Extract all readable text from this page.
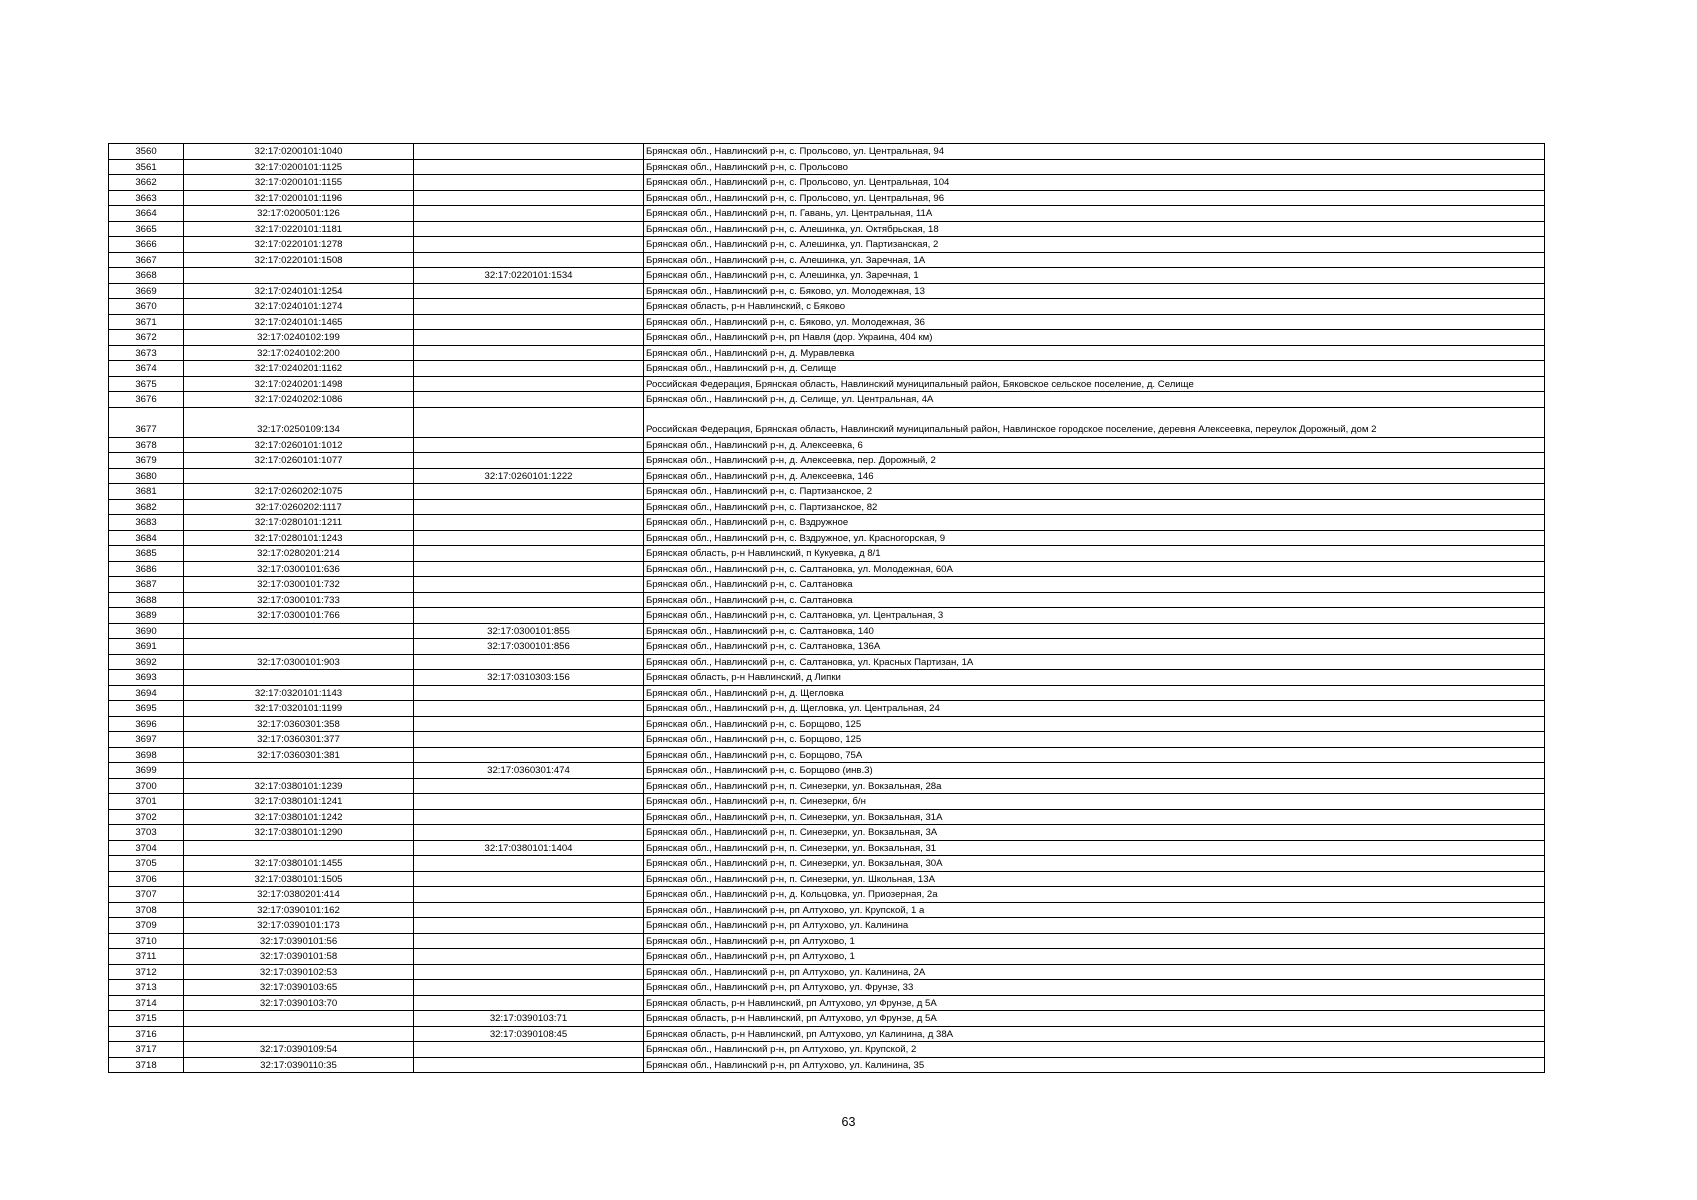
3560	32:17:0200101:1040		Брянская обл., Навлинский р-н, с. Прольсово, ул. Центральная, 94
3561	32:17:0200101:1125		Брянская обл., Навлинский р-н, с. Прольсово
3662	32:17:0200101:1155		Брянская обл., Навлинский р-н, с. Прольсово, ул. Центральная, 104
3663	32:17:0200101:1196		Брянская обл., Навлинский р-н, с. Прольсово, ул. Центральная, 96
3664	32:17:0200501:126		Брянская обл., Навлинский р-н, п. Гавань, ул. Центральная, 11А
3665	32:17:0220101:1181		Брянская обл., Навлинский р-н, с. Алешинка, ул. Октябрьская, 18
3666	32:17:0220101:1278		Брянская обл., Навлинский р-н, с. Алешинка, ул. Партизанская, 2
3667	32:17:0220101:1508		Брянская обл., Навлинский р-н, с. Алешинка, ул. Заречная, 1А
3668		32:17:0220101:1534	Брянская обл., Навлинский р-н, с. Алешинка, ул. Заречная, 1
3669	32:17:0240101:1254		Брянская обл., Навлинский р-н, с. Бяково, ул. Молодежная, 13
3670	32:17:0240101:1274		Брянская область, р-н Навлинский, с Бяково
3671	32:17:0240101:1465		Брянская обл., Навлинский р-н, с. Бяково, ул. Молодежная, 36
3672	32:17:0240102:199		Брянская обл., Навлинский р-н, рп Навля (дор. Украина, 404 км)
3673	32:17:0240102:200		Брянская обл., Навлинский р-н, д. Муравлевка
3674	32:17:0240201:1162		Брянская обл., Навлинский р-н, д. Селище
3675	32:17:0240201:1498		Российская Федерация, Брянская область, Навлинский муниципальный район, Бяковское сельское поселение, д. Селище
3676	32:17:0240202:1086		Брянская обл., Навлинский р-н, д. Селище, ул. Центральная, 4А
3677	32:17:0250109:134		Российская Федерация, Брянская область, Навлинский муниципальный район, Навлинское городское поселение, деревня Алексеевка, переулок Дорожный, дом 2
3678	32:17:0260101:1012		Брянская обл., Навлинский р-н, д. Алексеевка, 6
3679	32:17:0260101:1077		Брянская обл., Навлинский р-н, д. Алексеевка, пер. Дорожный, 2
3680		32:17:0260101:1222	Брянская обл., Навлинский р-н, д. Алексеевка, 146
3681	32:17:0260202:1075		Брянская обл., Навлинский р-н, с. Партизанское, 2
3682	32:17:0260202:1117		Брянская обл., Навлинский р-н, с. Партизанское, 82
3683	32:17:0280101:1211		Брянская обл., Навлинский р-н, с. Вздружное
3684	32:17:0280101:1243		Брянская обл., Навлинский р-н, с. Вздружное, ул. Красногорская, 9
3685	32:17:0280201:214		Брянская область, р-н Навлинский, п Кукуевка, д 8/1
3686	32:17:0300101:636		Брянская обл., Навлинский р-н, с. Салтановка, ул. Молодежная, 60А
3687	32:17:0300101:732		Брянская обл., Навлинский р-н, с. Салтановка
3688	32:17:0300101:733		Брянская обл., Навлинский р-н, с. Салтановка
3689	32:17:0300101:766		Брянская обл., Навлинский р-н, с. Салтановка, ул. Центральная, 3
3690		32:17:0300101:855	Брянская обл., Навлинский р-н, с. Салтановка, 140
3691		32:17:0300101:856	Брянская обл., Навлинский р-н, с. Салтановка, 136А
3692	32:17:0300101:903		Брянская обл., Навлинский р-н, с. Салтановка, ул. Красных Партизан, 1А
3693		32:17:0310303:156	Брянская область, р-н Навлинский, д Липки
3694	32:17:0320101:1143		Брянская обл., Навлинский р-н, д. Щегловка
3695	32:17:0320101:1199		Брянская обл., Навлинский р-н, д. Щегловка, ул. Центральная, 24
3696	32:17:0360301:358		Брянская обл., Навлинский р-н, с. Борщово, 125
3697	32:17:0360301:377		Брянская обл., Навлинский р-н, с. Борщово, 125
3698	32:17:0360301:381		Брянская обл., Навлинский р-н, с. Борщово, 75А
3699		32:17:0360301:474	Брянская обл., Навлинский р-н, с. Борщово (инв.3)
3700	32:17:0380101:1239		Брянская обл., Навлинский р-н, п. Синезерки, ул. Вокзальная, 28а
3701	32:17:0380101:1241		Брянская обл., Навлинский р-н, п. Синезерки, б/н
3702	32:17:0380101:1242		Брянская обл., Навлинский р-н, п. Синезерки, ул. Вокзальная, 31А
3703	32:17:0380101:1290		Брянская обл., Навлинский р-н, п. Синезерки, ул. Вокзальная, 3А
3704		32:17:0380101:1404	Брянская обл., Навлинский р-н, п. Синезерки, ул. Вокзальная, 31
3705	32:17:0380101:1455		Брянская обл., Навлинский р-н, п. Синезерки, ул. Вокзальная, 30А
3706	32:17:0380101:1505		Брянская обл., Навлинский р-н, п. Синезерки, ул. Школьная, 13А
3707	32:17:0380201:414		Брянская обл., Навлинский р-н, д. Кольцовка, ул. Приозерная, 2а
3708	32:17:0390101:162		Брянская обл., Навлинский р-н, рп Алтухово, ул. Крупской, 1 а
3709	32:17:0390101:173		Брянская обл., Навлинский р-н, рп Алтухово, ул. Калинина
3710	32:17:0390101:56		Брянская обл., Навлинский р-н, рп Алтухово, 1
3711	32:17:0390101:58		Брянская обл., Навлинский р-н, рп Алтухово, 1
3712	32:17:0390102:53		Брянская обл., Навлинский р-н, рп Алтухово, ул. Калинина, 2А
3713	32:17:0390103:65		Брянская обл., Навлинский р-н, рп Алтухово, ул. Фрунзе, 33
3714	32:17:0390103:70		Брянская область, р-н Навлинский, рп Алтухово, ул Фрунзе, д 5А
3715		32:17:0390103:71	Брянская область, р-н Навлинский, рп Алтухово, ул Фрунзе, д 5А
3716		32:17:0390108:45	Брянская область, р-н Навлинский, рп Алтухово, ул Калинина, д 38А
3717	32:17:0390109:54		Брянская обл., Навлинский р-н, рп Алтухово, ул. Крупской, 2
3718	32:17:0390110:35		Брянская обл., Навлинский р-н, рп Алтухово, ул. Калинина, 35
63
